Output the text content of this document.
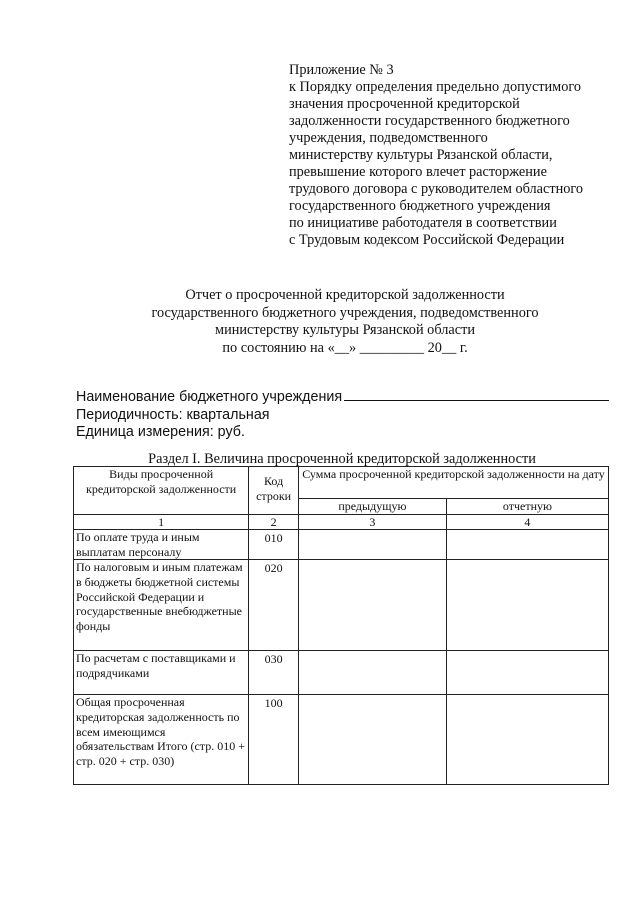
Приложение № 3
к Порядку определения предельно допустимого
значения просроченной кредиторской
задолженности государственного бюджетного
учреждения, подведомственного
министерству культуры Рязанской области,
превышение которого влечет расторжение
трудового договора с руководителем областного
государственного бюджетного учреждения
по инициативе работодателя в соответствии
с Трудовым кодексом Российской Федерации
Отчет о просроченной кредиторской задолженности
государственного бюджетного учреждения, подведомственного
министерству культуры Рязанской области
по состоянию на «__» _________ 20__ г.
Наименование бюджетного учреждения
Периодичность: квартальная
Единица измерения: руб.
Раздел I. Величина просроченной кредиторской задолженности
Виды просроченной кредиторской задолженности	Код строки	Сумма просроченной кредиторской задолженности на дату	
		предыдущую	отчетную
1	2	3	4
По оплате труда и иным выплатам персоналу	010		
По налоговым и иным платежам в бюджеты бюджетной системы Российской Федерации и государственные внебюджетные фонды	020		
По расчетам с поставщиками и подрядчиками	030		
Общая просроченная кредиторская задолженность по всем имеющимся обязательствам Итого (стр. 010 + стр. 020 + стр. 030)	100		
